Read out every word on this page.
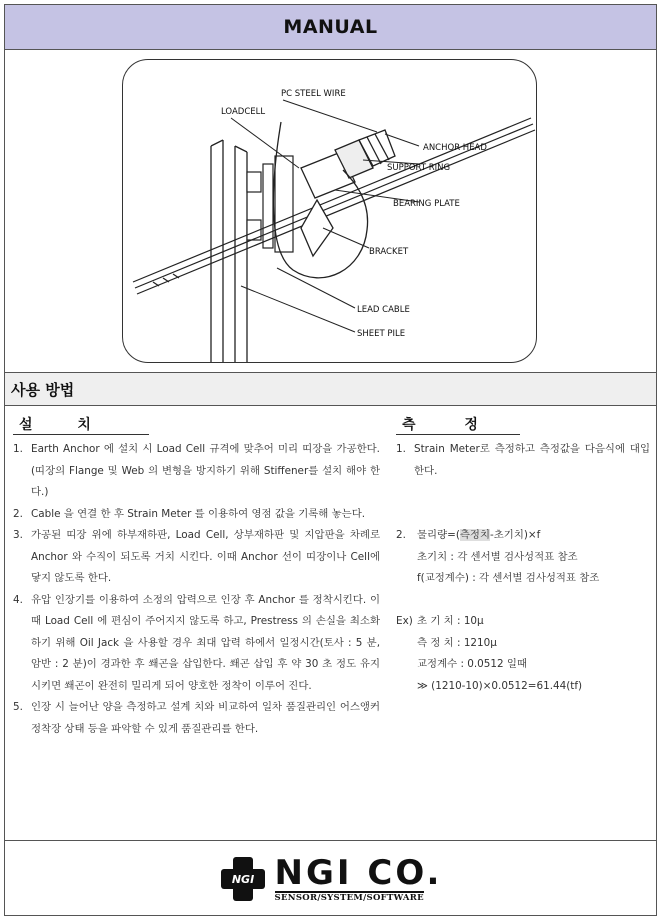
MANUAL
PC STEEL WIRE
LOADCELL
ANCHOR HEAD
SUPPORT RING
BEARING PLATE
BRACKET
LEAD CABLE
SHEET PILE
사용 방법
설 치
1. Earth Anchor 에 설치 시 Load Cell 규격에 맞추어 미리 띠장을 가공한다. (띠장의 Flange 및 Web 의 변형을 방지하기 위해 Stiffener를 설치 해야 한다.)
2. Cable 을 연결 한 후 Strain Meter 를 이용하여 영점 값을 기록해 놓는다.
3. 가공된 띠장 위에 하부재하판, Load Cell, 상부재하판 및 지압판을 차례로 Anchor 와 수직이 되도록 거치 시킨다. 이때 Anchor 선이 띠장이나 Cell에 닿지 않도록 한다.
4. 유압 인장기를 이용하여 소정의 압력으로 인장 후 Anchor 를 정착시킨다. 이때 Load Cell 에 편심이 주어지지 않도록 하고, Prestress 의 손실을 최소화하기 위해 Oil Jack 을 사용할 경우 최대 압력 하에서 일정시간(토사 : 5 분, 암반 : 2 분)이 경과한 후 쐐곤을 삽입한다. 쐐곤 삽입 후 약 30 초 정도 유지시키면 쐐곤이 완전히 밀리게 되어 양호한 정착이 이루어 진다.
5. 인장 시 늘어난 양을 측정하고 설계 치와 비교하여 일차 품질관리인 어스앵커 정착장 상태 등을 파악할 수 있게 품질관리를 한다.
측 정
1. Strain Meter로 측정하고 측정값을 다음식에 대입한다.
2. 물리량=(측정치-초기치)×f
초기치 : 각 센서별 검사성적표 참조
f(교정계수) : 각 센서별 검사성적표 참조
Ex) 초 기 치 : 10μ
측 정 치 : 1210μ
교정계수 : 0.0512 일때
≫ (1210-10)×0.0512=61.44(tf)
NGI NGI CO.
SENSOR/SYSTEM/SOFTWARE
